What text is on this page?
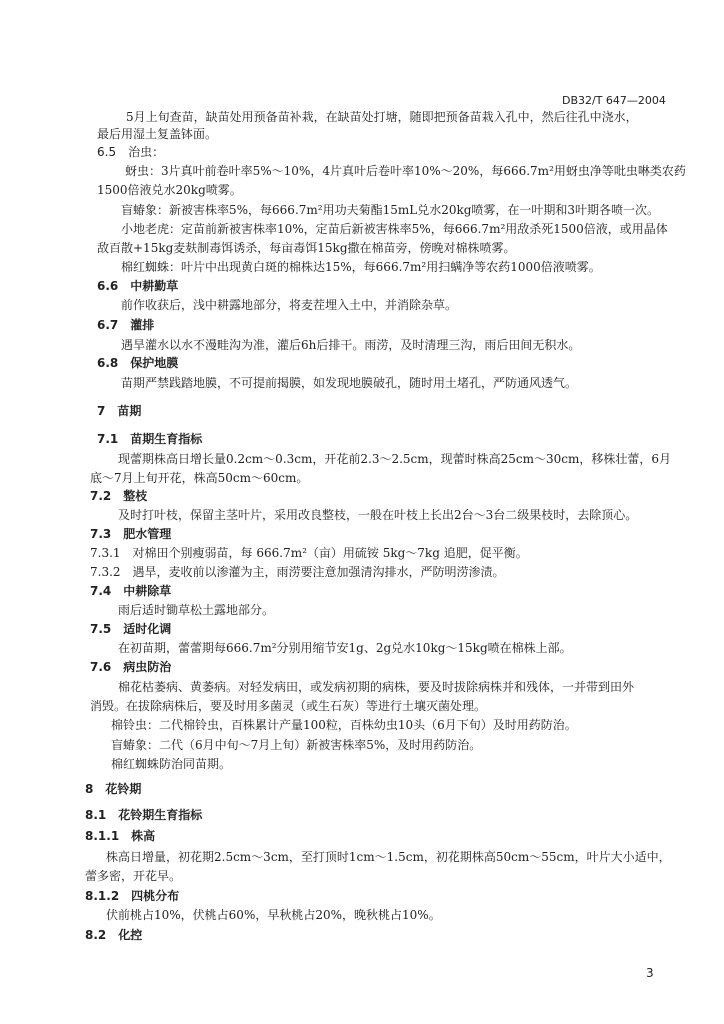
DB32/T 647—2004
5月上旬查苗，缺苗处用预备苗补栽，在缺苗处打塘，随即把预备苗栽入孔中，然后往孔中浇水，
最后用湿土复盖钵面。
6.5　治虫：
蚜虫：3片真叶前卷叶率5%～10%，4片真叶后卷叶率10%～20%，每666.7m²用蚜虫净等吡虫啉类农药
1500倍液兑水20kg喷雾。
盲蝽象：新被害株率5%，每666.7m²用功夫菊酯15mL兑水20kg喷雾，在一叶期和3叶期各喷一次。
小地老虎：定苗前新被害株率10%，定苗后新被害株率5%，每666.7m²用敌杀死1500倍液，或用晶体
敌百散+15kg麦麸制毒饵诱杀，每亩毒饵15kg撒在棉苗旁，傍晚对棉株喷雾。
棉红蜘蛛：叶片中出现黄白斑的棉株达15%，每666.7m²用扫螨净等农药1000倍液喷雾。
6.6　中耕勤草
前作收获后，浅中耕露地部分，将麦茬埋入土中，并消除杂草。
6.7　灌排
遇旱灌水以水不漫畦沟为准，灌后6h后排干。雨涝，及时清理三沟，雨后田间无积水。
6.8　保护地膜
苗期严禁践踏地膜，不可提前揭膜，如发现地膜破孔，随时用土堵孔，严防通风透气。
7　苗期
7.1　苗期生育指标
现蕾期株高日增长量0.2cm～0.3cm，开花前2.3～2.5cm，现蕾时株高25cm～30cm，移株壮蕾，6月
底～7月上旬开花，株高50cm～60cm。
7.2　整枝
及时打叶枝，保留主茎叶片，采用改良整枝，一般在叶枝上长出2台～3台二级果枝时，去除顶心。
7.3　肥水管理
7.3.1　对棉田个别瘦弱苗，每 666.7m²（亩）用硫铵 5kg～7kg 追肥，促平衡。
7.3.2　遇旱，麦收前以渗灌为主，雨涝要注意加强清沟排水，严防明涝渗渍。
7.4　中耕除草
雨后适时锄草松土露地部分。
7.5　适时化调
在初苗期，蕾蕾期每666.7m²分别用缩节安1g、2g兑水10kg～15kg喷在棉株上部。
7.6　病虫防治
棉花枯萎病、黄萎病。对轻发病田，或发病初期的病株，要及时拔除病株并和残体，一并带到田外
消毁。在拔除病株后，要及时用多菌灵（或生石灰）等进行土壤灭菌处理。
棉铃虫：二代棉铃虫，百株累计产量100粒，百株幼虫10头（6月下旬）及时用药防治。
盲蝽象：二代（6月中旬～7月上旬）新被害株率5%，及时用药防治。
棉红蜘蛛防治同苗期。
8　花铃期
8.1　花铃期生育指标
8.1.1　株高
株高日增量，初花期2.5cm～3cm，至打顶时1cm～1.5cm，初花期株高50cm～55cm，叶片大小适中，
蕾多密，开花早。
8.1.2　四桃分布
伏前桃占10%，伏桃占60%，早秋桃占20%，晚秋桃占10%。
8.2　化控
3
